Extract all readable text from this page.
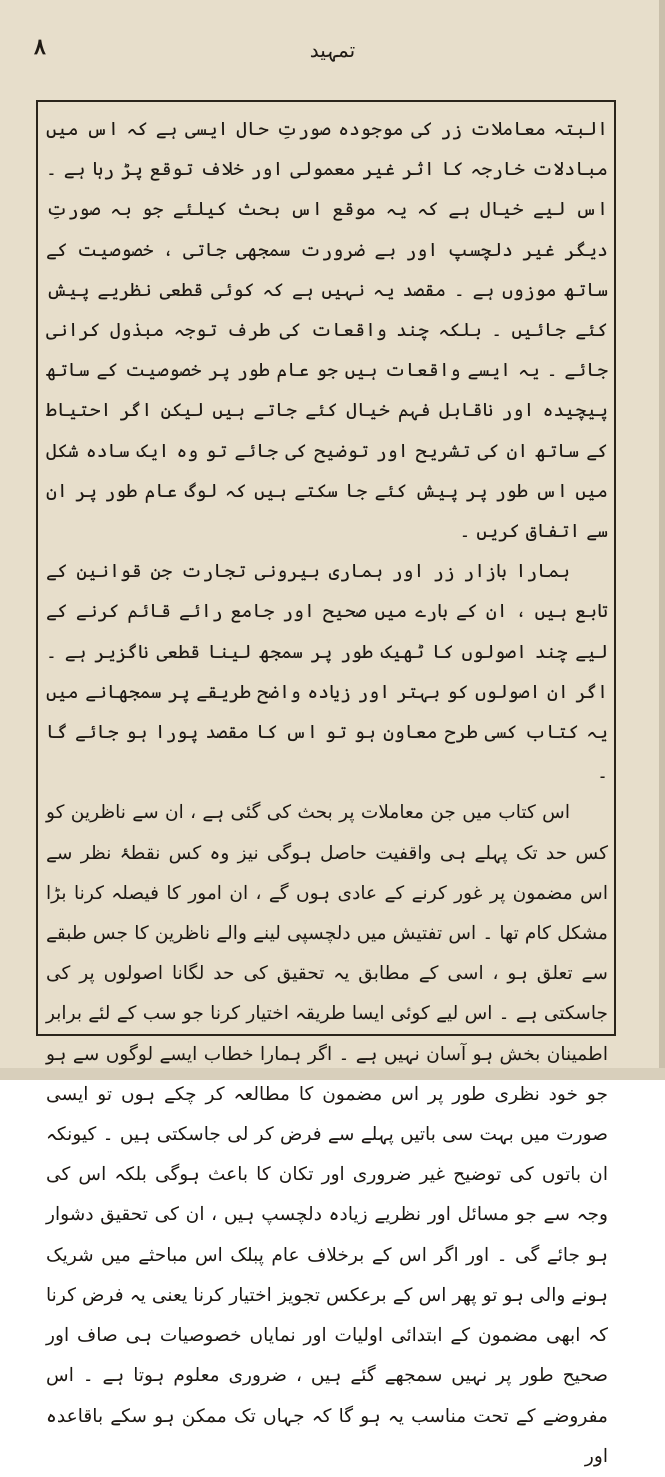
۸	تمہید

البتہ معاملات زر کی موجودہ صورتِ حال ایسی ہے کہ اس میں مبادلات خارجہ کا اثر غیر معمولی اور خلاف توقع پڑ رہا ہے ۔ اس لیے خیال ہے کہ یہ موقع اس بحث کیلئے جو بہ صورتِ دیگر غیر دلچسپ اور بے ضرورت سمجھی جاتی ، خصوصیت کے ساتھ موزوں ہے ۔ مقصد یہ نہیں ہے کہ کوئی قطعی نظریے پیش کئے جائیں ۔ بلکہ چند واقعات کی طرف توجہ مبذول کرانی جائے ۔ یہ ایسے واقعات ہیں جو عام طور پر خصوصیت کے ساتھ پیچیدہ اور ناقابل فہم خیال کئے جاتے ہیں لیکن اگر احتیاط کے ساتھ ان کی تشریح اور توضیح کی جائے تو وہ ایک سادہ شکل میں اس طور پر پیش کئے جا سکتے ہیں کہ لوگ عام طور پر ان سے اتفاق کریں ۔

ہمارا بازار زر اور ہماری بیرونی تجارت جن قوانین کے تابع ہیں ، ان کے بارے میں صحیح اور جامع رائے قائم کرنے کے لیے چند اصولوں کا ٹھیک طور پر سمجھ لینا قطعی ناگزیر ہے ۔ اگر ان اصولوں کو بہتر اور زیادہ واضح طریقے پر سمجھانے میں یہ کتاب کسی طرح معاون ہو تو اس کا مقصد پورا ہو جائے گا ۔

اس کتاب میں جن معاملات پر بحث کی گئی ہے ، ان سے ناظرین کو کس حد تک پہلے ہی واقفیت حاصل ہوگی نیز وہ کس نقطۂ نظر سے اس مضمون پر غور کرنے کے عادی ہوں گے ، ان امور کا فیصلہ کرنا بڑا مشکل کام تھا ۔ اس تفتیش میں دلچسپی لینے والے ناظرین کا جس طبقے سے تعلق ہو ، اسی کے مطابق یہ تحقیق کی حد لگانا اصولوں پر کی جاسکتی ہے ۔ اس لیے کوئی ایسا طریقہ اختیار کرنا جو سب کے لئے برابر اطمینان بخش ہو آسان نہیں ہے ۔ اگر ہمارا خطاب ایسے لوگوں سے ہو جو خود نظری طور پر اس مضمون کا مطالعہ کر چکے ہوں تو ایسی صورت میں بہت سی باتیں پہلے سے فرض کر لی جاسکتی ہیں ۔ کیونکہ ان باتوں کی توضیح غیر ضروری اور تکان کا باعث ہوگی بلکہ اس کی وجہ سے جو مسائل اور نظریے زیادہ دلچسپ ہیں ، ان کی تحقیق دشوار ہو جائے گی ۔ اور اگر اس کے برخلاف عام پبلک اس مباحثے میں شریک ہونے والی ہو تو پھر اس کے برعکس تجویز اختیار کرنا یعنی یہ فرض کرنا کہ ابھی مضمون کے ابتدائی اولیات اور نمایاں خصوصیات ہی صاف اور صحیح طور پر نہیں سمجھے گئے ہیں ، ضروری معلوم ہوتا ہے ۔ اس مفروضے کے تحت مناسب یہ ہو گا کہ جہاں تک ممکن ہو سکے باقاعدہ اور
